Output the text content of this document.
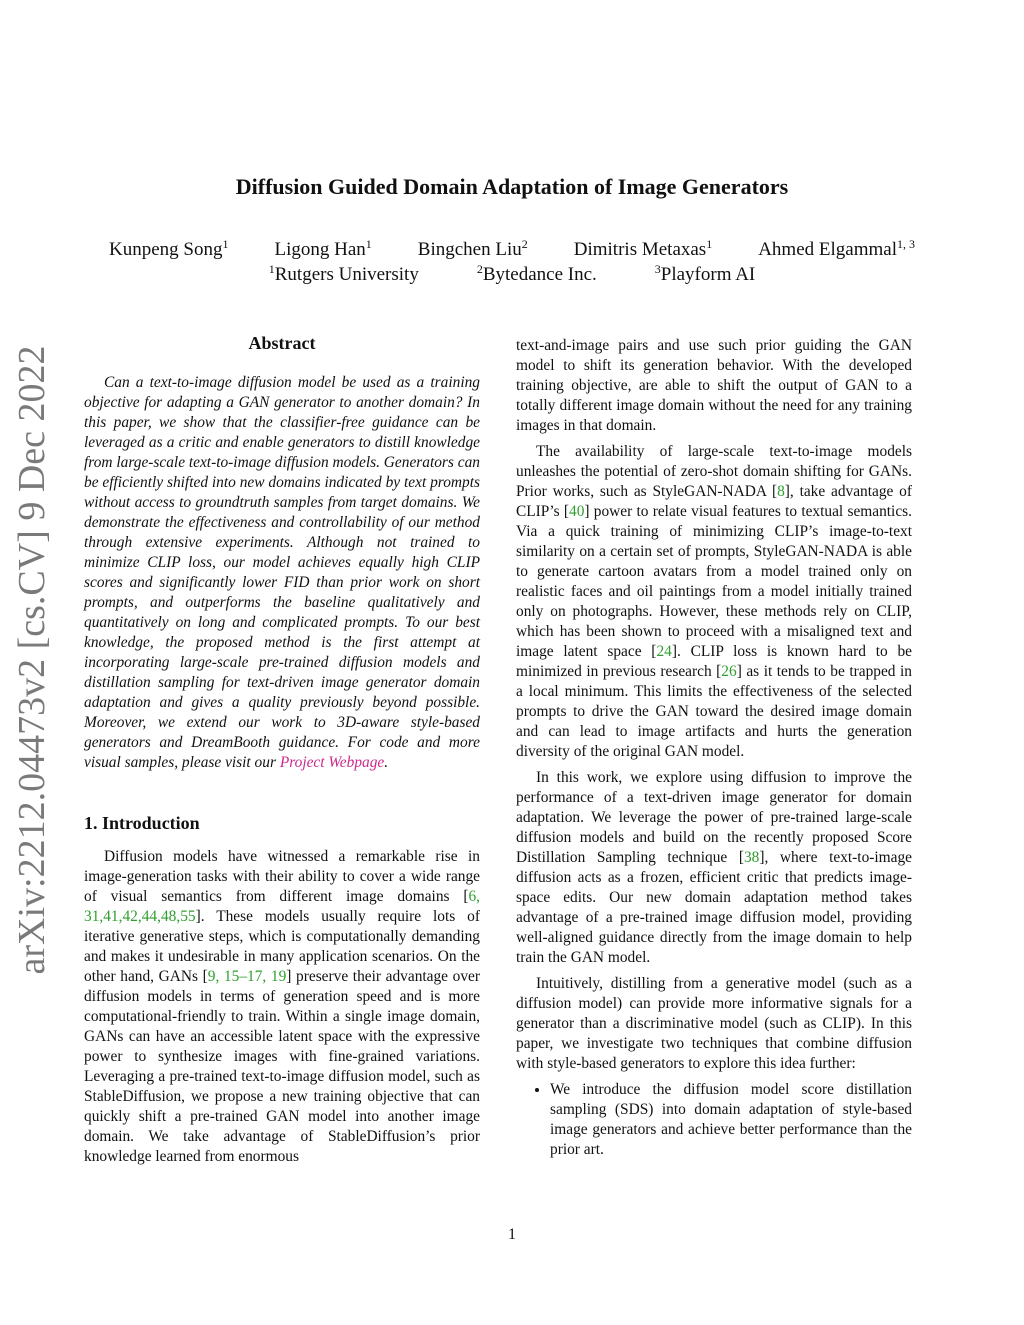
arXiv:2212.04473v2 [cs.CV] 9 Dec 2022
Diffusion Guided Domain Adaptation of Image Generators
Kunpeng Song$^1$ Ligong Han$^1$ Bingchen Liu$^2$ Dimitris Metaxas$^1$ Ahmed Elgammal$^{1, 3}$
$^1$Rutgers University	$^2$Bytedance Inc.	$^3$Playform AI
Abstract

Can a text-to-image diffusion model be used as a training objective for adapting a GAN generator to another domain? In this paper, we show that the classifier-free guidance can be leveraged as a critic and enable generators to distill knowledge from large-scale text-to-image diffusion models. Generators can be efficiently shifted into new domains indicated by text prompts without access to groundtruth samples from target domains. We demonstrate the effectiveness and controllability of our method through extensive experiments. Although not trained to minimize CLIP loss, our model achieves equally high CLIP scores and significantly lower FID than prior work on short prompts, and outperforms the baseline qualitatively and quantitatively on long and complicated prompts. To our best knowledge, the proposed method is the first attempt at incorporating large-scale pre-trained diffusion models and distillation sampling for text-driven image generator domain adaptation and gives a quality previously beyond possible. Moreover, we extend our work to 3D-aware style-based generators and DreamBooth guidance. For code and more visual samples, please visit our Project Webpage.

1. Introduction

Diffusion models have witnessed a remarkable rise in image-generation tasks with their ability to cover a wide range of visual semantics from different image domains [6, 31,41,42,44,48,55]. These models usually require lots of iterative generative steps, which is computationally demanding and makes it undesirable in many application scenarios. On the other hand, GANs [9, 15–17, 19] preserve their advantage over diffusion models in terms of generation speed and is more computational-friendly to train. Within a single image domain, GANs can have an accessible latent space with the expressive power to synthesize images with fine-grained variations. Leveraging a pre-trained text-to-image diffusion model, such as StableDiffusion, we propose a new training objective that can quickly shift a pre-trained GAN model into another image domain. We take advantage of StableDiffusion’s prior knowledge learned from enormous

text-and-image pairs and use such prior guiding the GAN model to shift its generation behavior. With the developed training objective, are able to shift the output of GAN to a totally different image domain without the need for any training images in that domain.

The availability of large-scale text-to-image models unleashes the potential of zero-shot domain shifting for GANs. Prior works, such as StyleGAN-NADA [8], take advantage of CLIP’s [40] power to relate visual features to textual semantics. Via a quick training of minimizing CLIP’s image-to-text similarity on a certain set of prompts, StyleGAN-NADA is able to generate cartoon avatars from a model trained only on realistic faces and oil paintings from a model initially trained only on photographs. However, these methods rely on CLIP, which has been shown to proceed with a misaligned text and image latent space [24]. CLIP loss is known hard to be minimized in previous research [26] as it tends to be trapped in a local minimum. This limits the effectiveness of the selected prompts to drive the GAN toward the desired image domain and can lead to image artifacts and hurts the generation diversity of the original GAN model.

In this work, we explore using diffusion to improve the performance of a text-driven image generator for domain adaptation. We leverage the power of pre-trained large-scale diffusion models and build on the recently proposed Score Distillation Sampling technique [38], where text-to-image diffusion acts as a frozen, efficient critic that predicts image-space edits. Our new domain adaptation method takes advantage of a pre-trained image diffusion model, providing well-aligned guidance directly from the image domain to help train the GAN model.

Intuitively, distilling from a generative model (such as a diffusion model) can provide more informative signals for a generator than a discriminative model (such as CLIP). In this paper, we investigate two techniques that combine diffusion with style-based generators to explore this idea further:

• We introduce the diffusion model score distillation sampling (SDS) into domain adaptation of style-based image generators and achieve better performance than the prior art.
1
